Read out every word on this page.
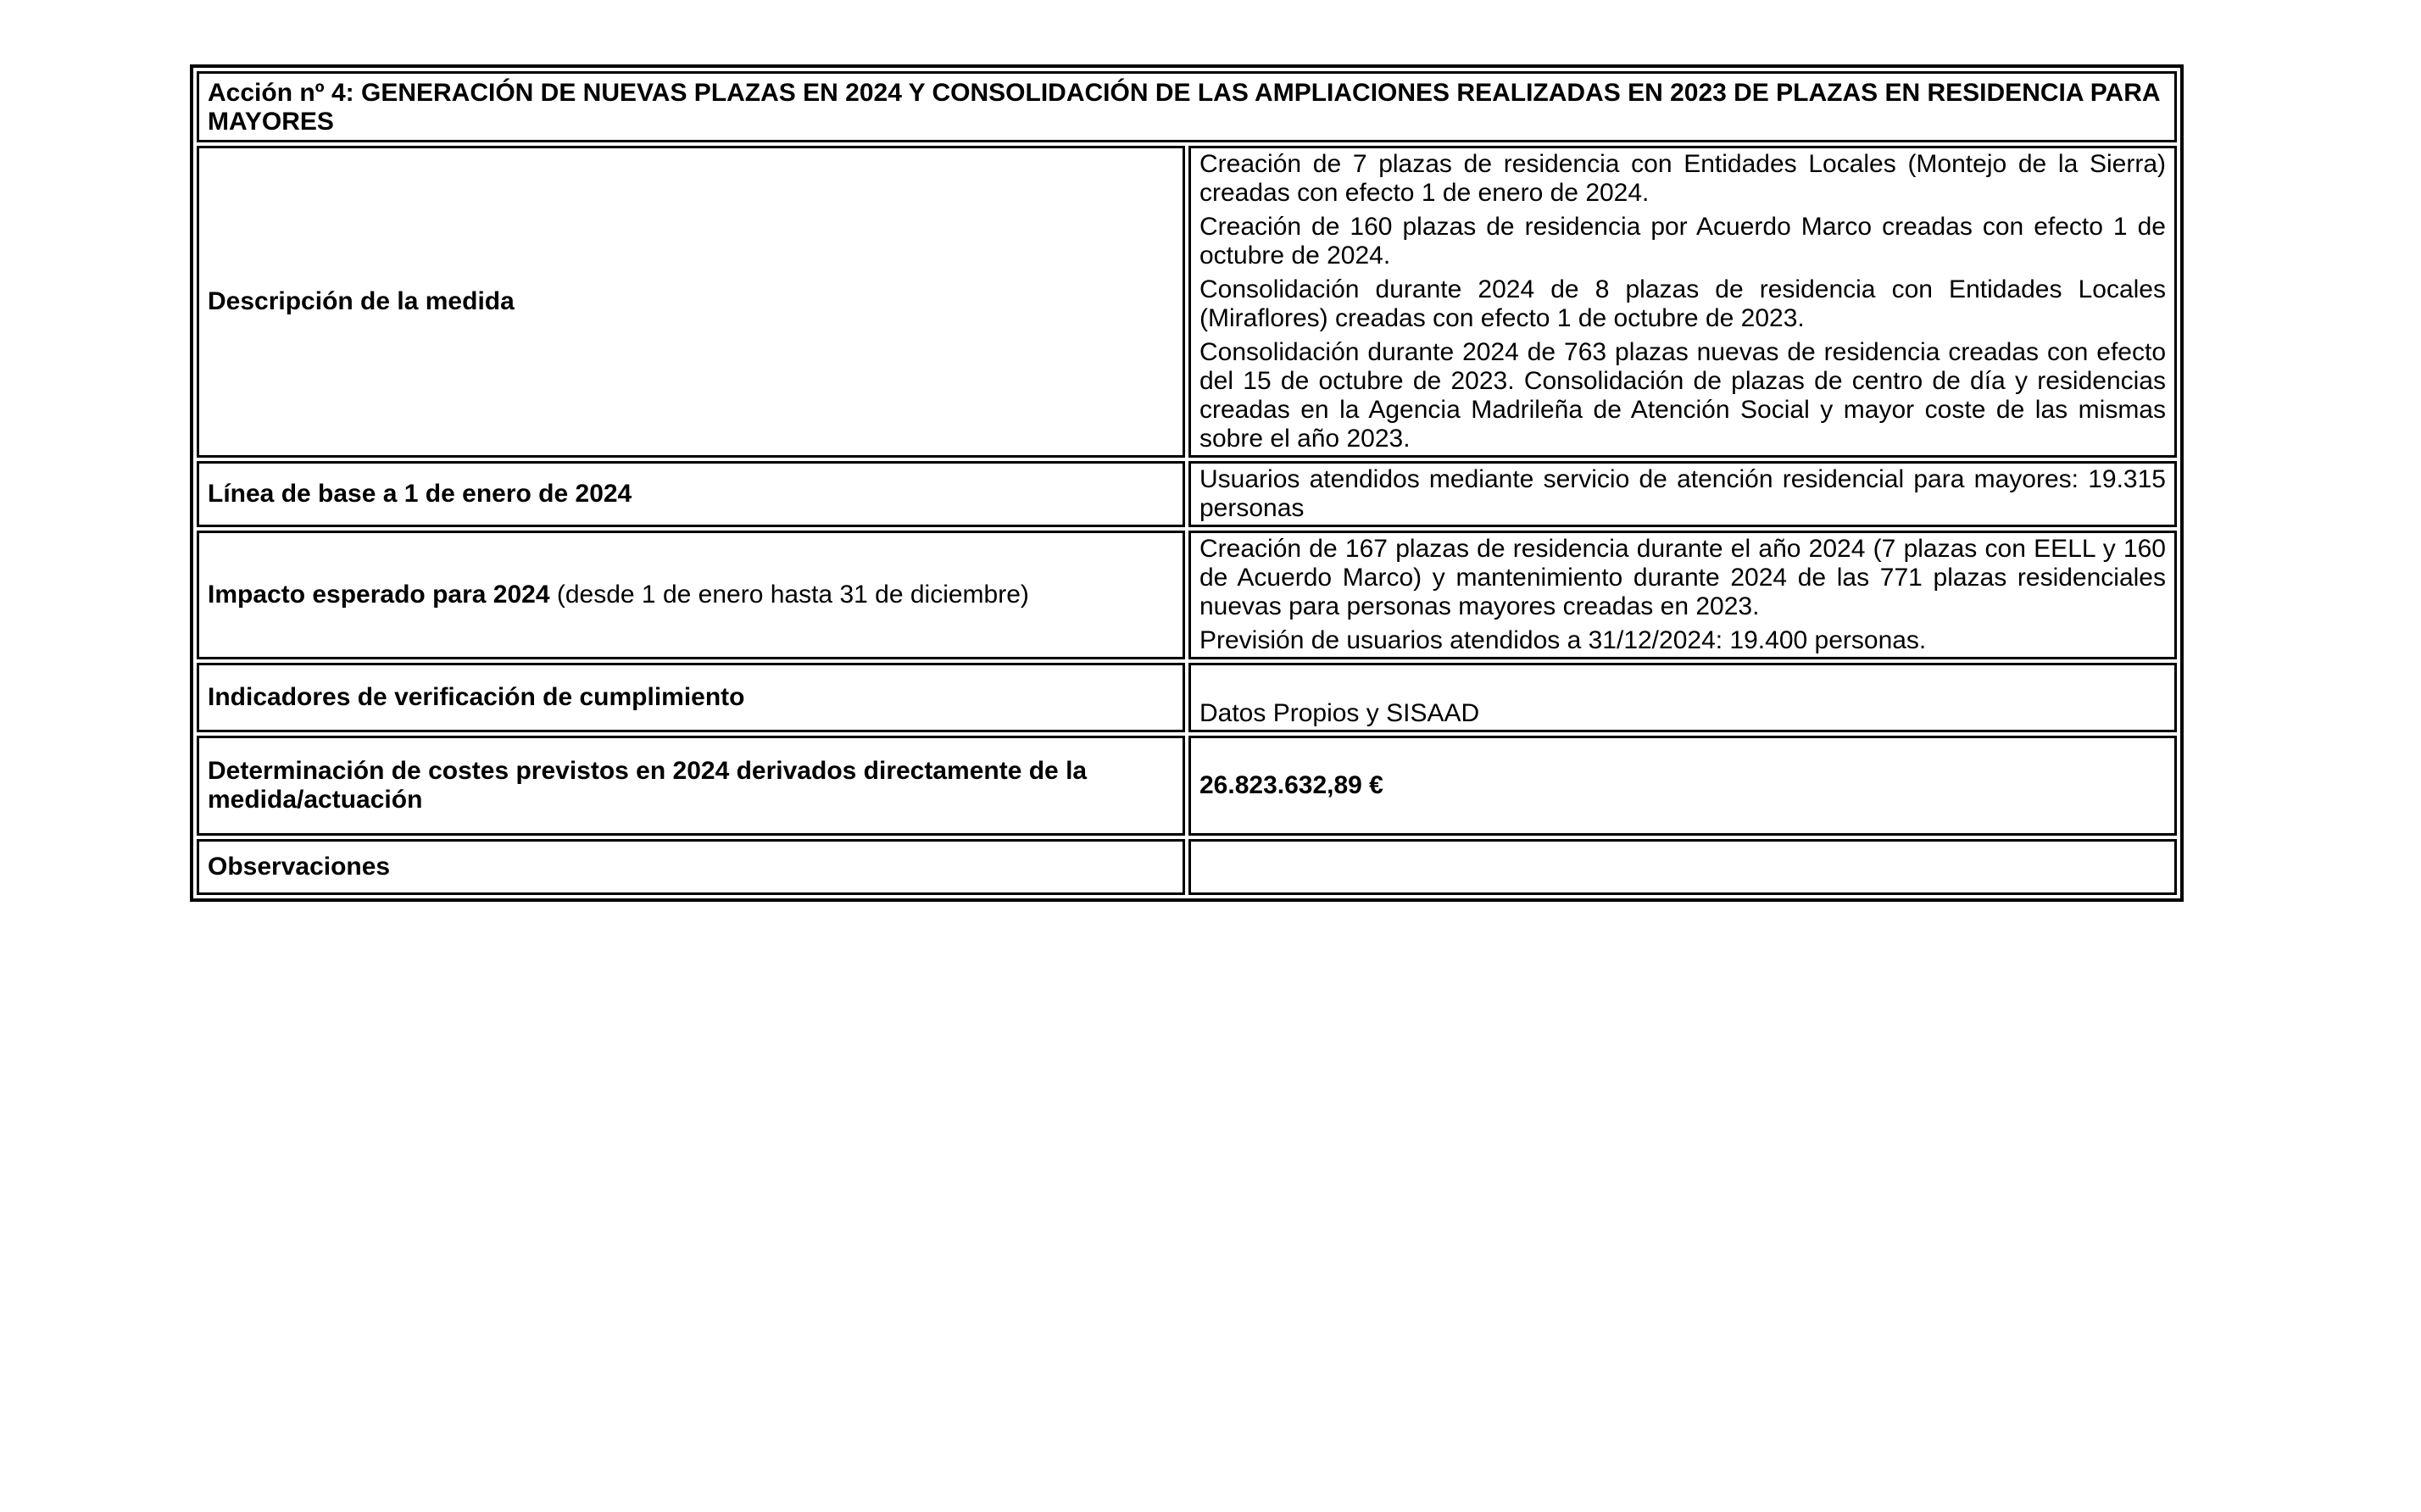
Acción nº 4: GENERACIÓN DE NUEVAS PLAZAS EN 2024 Y CONSOLIDACIÓN DE LAS AMPLIACIONES REALIZADAS EN 2023 DE PLAZAS EN RESIDENCIA PARA MAYORES	
Descripción de la medida	Creación de 7 plazas de residencia con Entidades Locales (Montejo de la Sierra) creadas con efecto 1 de enero de 2024.

Creación de 160 plazas de residencia por Acuerdo Marco creadas con efecto 1 de octubre de 2024.

Consolidación durante 2024 de 8 plazas de residencia con Entidades Locales (Miraflores) creadas con efecto 1 de octubre de 2023.

Consolidación durante 2024 de 763 plazas nuevas de residencia creadas con efecto del 15 de octubre de 2023. Consolidación de plazas de centro de día y residencias creadas en la Agencia Madrileña de Atención Social y mayor coste de las mismas sobre el año 2023.

Línea de base a 1 de enero de 2024	Usuarios atendidos mediante servicio de atención residencial para mayores: 19.315 personas
Impacto esperado para 2024 (desde 1 de enero hasta 31 de diciembre)	Creación de 167 plazas de residencia durante el año 2024 (7 plazas con EELL y 160 de Acuerdo Marco) y mantenimiento durante 2024 de las 771 plazas residenciales nuevas para personas mayores creadas en 2023.

Previsión de usuarios atendidos a 31/12/2024: 19.400 personas.

Indicadores de verificación de cumplimiento	Datos Propios y SISAAD
Determinación de costes previstos en 2024 derivados directamente de la medida/actuación	26.823.632,89 €
Observaciones	
